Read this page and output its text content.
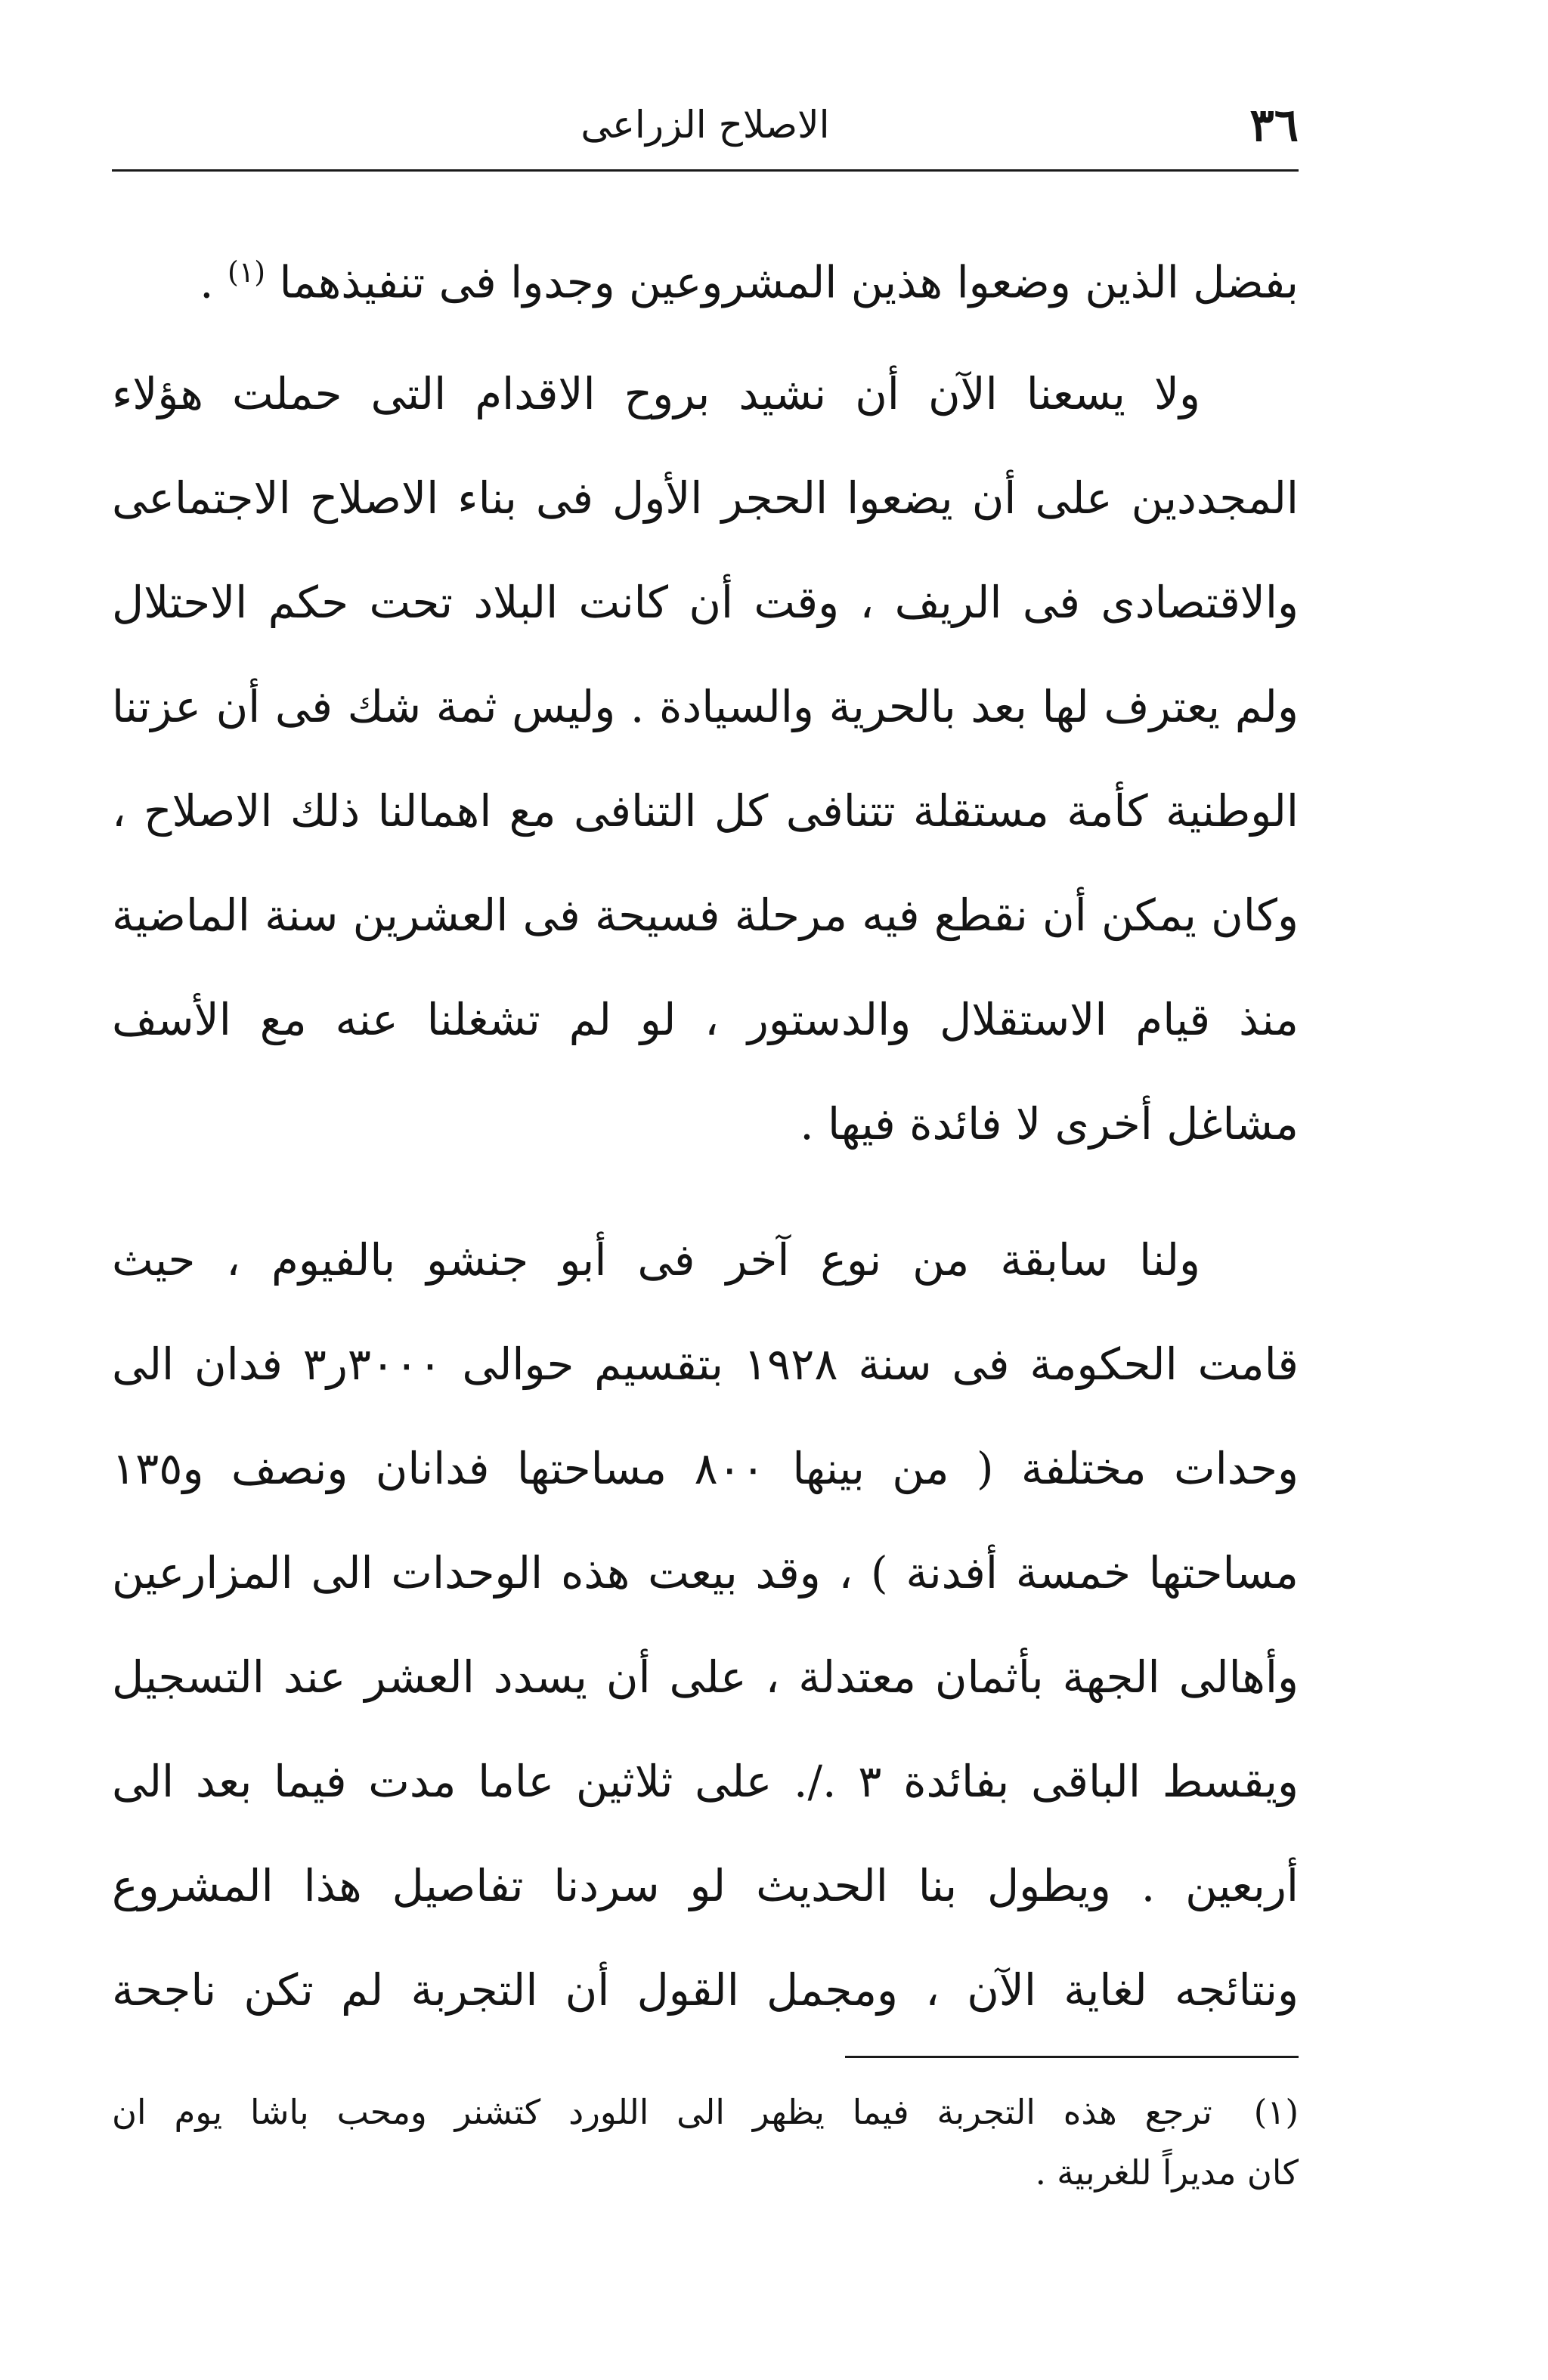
٣٦
الاصلاح الزراعى
بفضل الذين وضعوا هذين المشروعين وجدوا فى تنفيذهما $^{(١)}$ .
ولا يسعنا الآن أن نشيد بروح الاقدام التى حملت هؤلاء
المجددين على أن يضعوا الحجر الأول فى بناء الاصلاح الاجتماعى
والاقتصادى فى الريف ، وقت أن كانت البلاد تحت حكم الاحتلال
ولم يعترف لها بعد بالحرية والسيادة . وليس ثمة شك فى أن عزتنا
الوطنية كأمة مستقلة تتنافى كل التنافى مع اهمالنا ذلك الاصلاح ،
وكان يمكن أن نقطع فيه مرحلة فسيحة فى العشرين سنة الماضية
منذ قيام الاستقلال والدستور ، لو لم تشغلنا عنه مع الأسف
مشاغل أخرى لا فائدة فيها .
ولنا سابقة من نوع آخر فى أبو جنشو بالفيوم ، حيث
قامت الحكومة فى سنة ١٩٢٨ بتقسيم حوالى ٣٠٠٠ر٣ فدان الى
وحدات مختلفة ( من بينها ٨٠٠ مساحتها فدانان ونصف و١٣٥
مساحتها خمسة أفدنة ) ، وقد بيعت هذه الوحدات الى المزارعين
وأهالى الجهة بأثمان معتدلة ، على أن يسدد العشر عند التسجيل
ويقسط الباقى بفائدة ٣ ./. على ثلاثين عاما مدت فيما بعد الى
أربعين . ويطول بنا الحديث لو سردنا تفاصيل هذا المشروع
ونتائجه لغاية الآن ، ومجمل القول أن التجربة لم تكن ناجحة
(١) ترجع هذه التجربة فيما يظهر الى اللورد كتشنر ومحب باشا يوم ان
كان مديراً للغربية .
